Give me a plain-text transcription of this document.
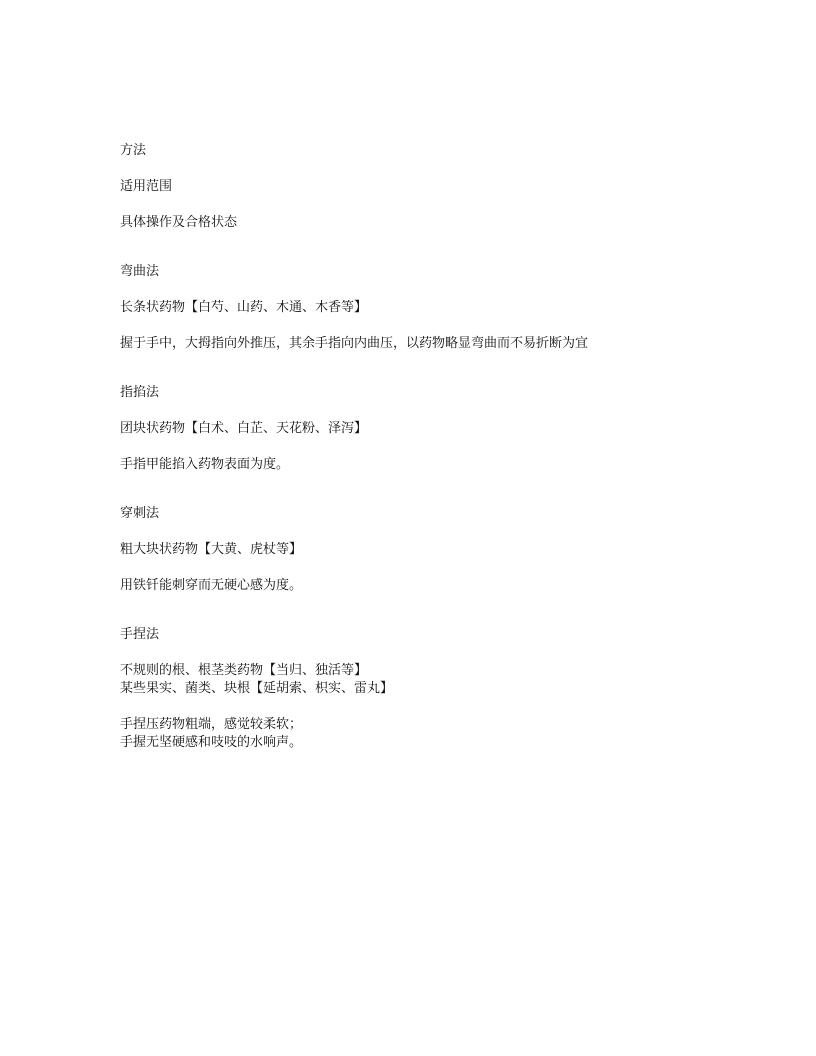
方法
适用范围
具体操作及合格状态
弯曲法
长条状药物【白芍、山药、木通、木香等】
握于手中，大拇指向外推压，其余手指向内曲压，以药物略显弯曲而不易折断为宜
指掐法
团块状药物【白术、白芷、天花粉、泽泻】
手指甲能掐入药物表面为度。
穿刺法
粗大块状药物【大黄、虎杖等】
用铁钎能刺穿而无硬心感为度。
手捏法
不规则的根、根茎类药物【当归、独活等】
某些果实、菌类、块根【延胡索、枳实、雷丸】
手捏压药物粗端，感觉较柔软；
手握无坚硬感和吱吱的水响声。
